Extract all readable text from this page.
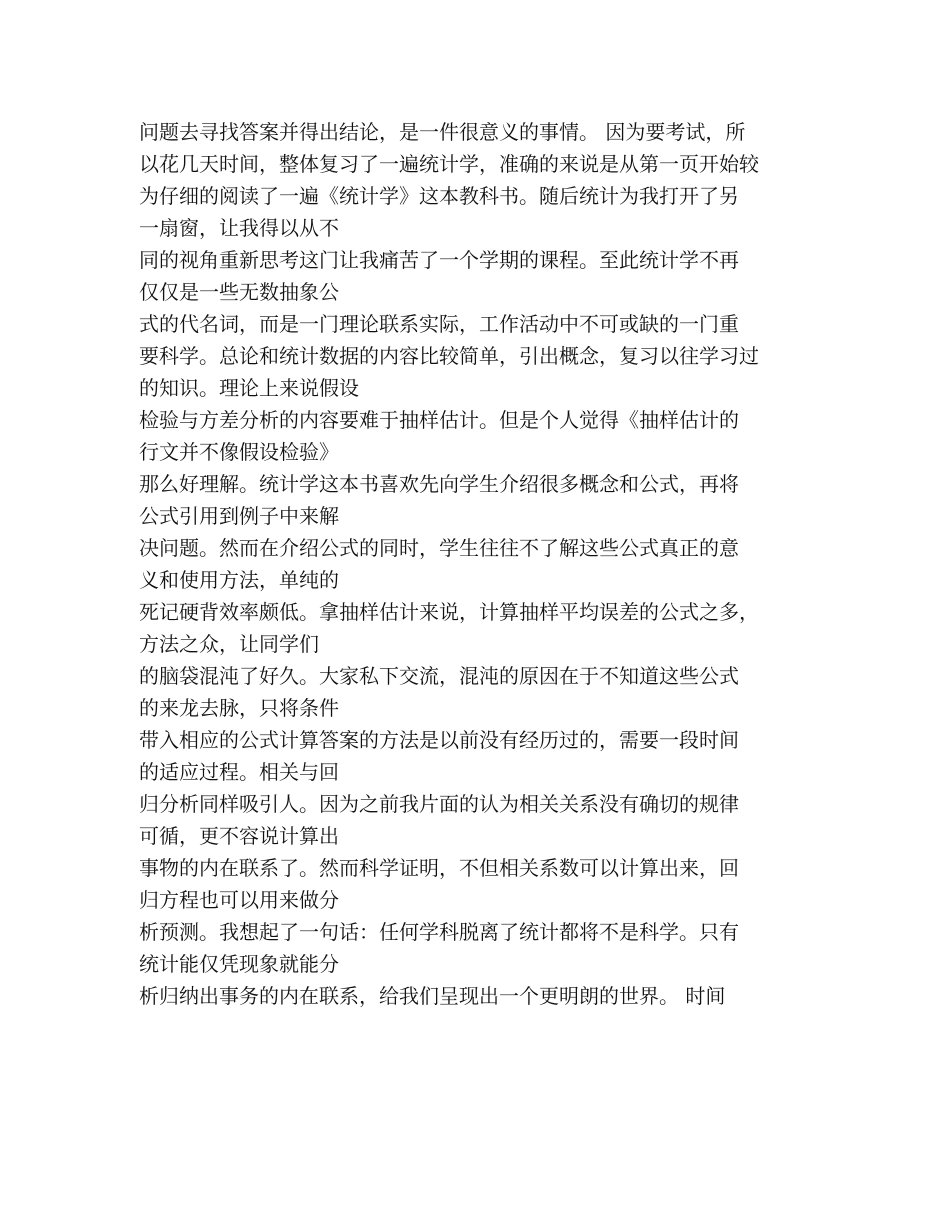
问题去寻找答案并得出结论，是一件很意义的事情。 因为要考试，所
以花几天时间，整体复习了一遍统计学，准确的来说是从第一页开始较
为仔细的阅读了一遍《统计学》这本教科书。随后统计为我打开了另
一扇窗，让我得以从不
同的视角重新思考这门让我痛苦了一个学期的课程。至此统计学不再
仅仅是一些无数抽象公
式的代名词，而是一门理论联系实际，工作活动中不可或缺的一门重
要科学。总论和统计数据的内容比较简单，引出概念，复习以往学习过
的知识。理论上来说假设
检验与方差分析的内容要难于抽样估计。但是个人觉得《抽样估计的
行文并不像假设检验》
那么好理解。统计学这本书喜欢先向学生介绍很多概念和公式，再将
公式引用到例子中来解
决问题。然而在介绍公式的同时，学生往往不了解这些公式真正的意
义和使用方法，单纯的
死记硬背效率颇低。拿抽样估计来说，计算抽样平均误差的公式之多，
方法之众，让同学们
的脑袋混沌了好久。大家私下交流，混沌的原因在于不知道这些公式
的来龙去脉，只将条件
带入相应的公式计算答案的方法是以前没有经历过的，需要一段时间
的适应过程。相关与回
归分析同样吸引人。因为之前我片面的认为相关关系没有确切的规律
可循，更不容说计算出
事物的内在联系了。然而科学证明，不但相关系数可以计算出来，回
归方程也可以用来做分
析预测。我想起了一句话：任何学科脱离了统计都将不是科学。只有
统计能仅凭现象就能分
析归纳出事务的内在联系，给我们呈现出一个更明朗的世界。 时间
